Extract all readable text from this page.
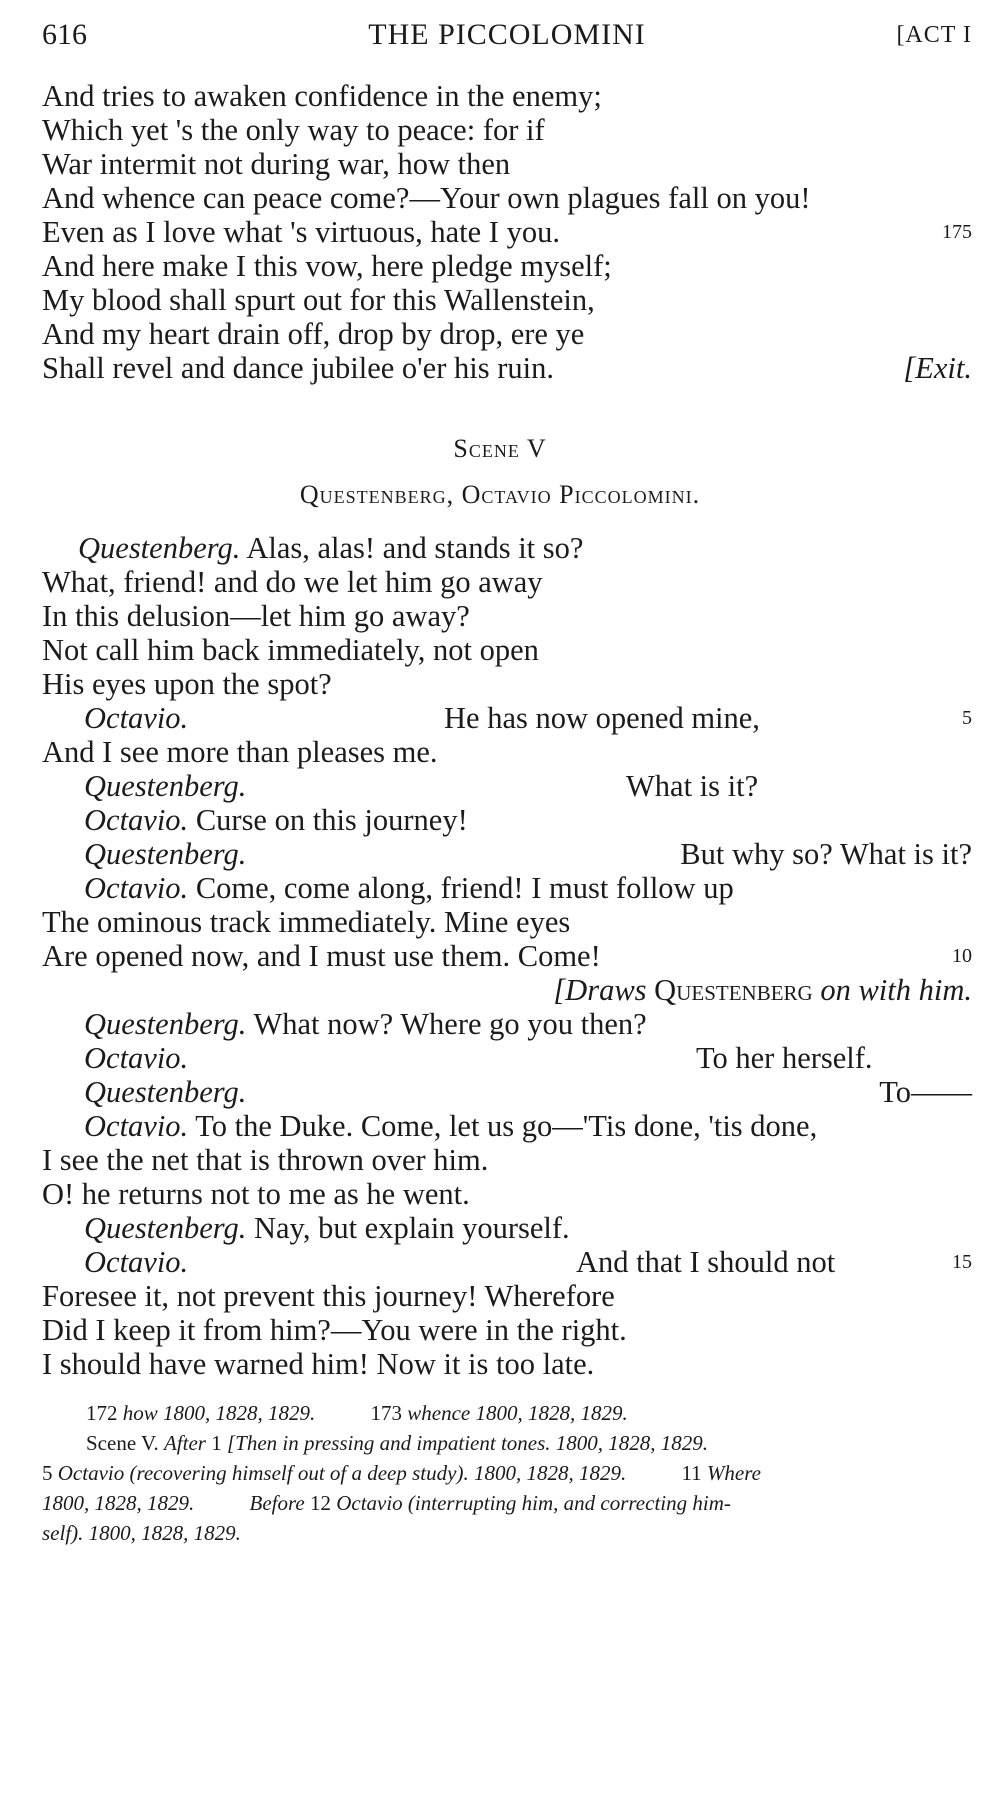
616	THE PICCOLOMINI	[ACT I
And tries to awaken confidence in the enemy;
Which yet 's the only way to peace: for if
War intermit not during war, how then
And whence can peace come?—Your own plagues fall on you!
Even as I love what 's virtuous, hate I you.	175
And here make I this vow, here pledge myself;
My blood shall spurt out for this Wallenstein,
And my heart drain off, drop by drop, ere ye
Shall revel and dance jubilee o'er his ruin.	[Exit.
Scene V
Questenberg, Octavio Piccolomini.
Questenberg. Alas, alas! and stands it so?
What, friend! and do we let him go away
In this delusion—let him go away?
Not call him back immediately, not open
His eyes upon the spot?
Octavio.	He has now opened mine,	5
And I see more than pleases me.
Questenberg.	What is it?
Octavio. Curse on this journey!
Questenberg.	But why so? What is it?
Octavio. Come, come along, friend! I must follow up
The ominous track immediately. Mine eyes
Are opened now, and I must use them. Come!	10
[Draws Questenberg on with him.
Questenberg. What now? Where go you then?
Octavio.	To her herself.
Questenberg.	To——
Octavio. To the Duke. Come, let us go—'Tis done, 'tis done,
I see the net that is thrown over him.
O! he returns not to me as he went.
Questenberg. Nay, but explain yourself.
Octavio.	And that I should not	15
Foresee it, not prevent this journey! Wherefore
Did I keep it from him?—You were in the right.
I should have warned him! Now it is too late.
172 how 1800, 1828, 1829.	173 whence 1800, 1828, 1829.
Scene V. After 1 [Then in pressing and impatient tones. 1800, 1828, 1829.
5 Octavio (recovering himself out of a deep study). 1800, 1828, 1829.	11 Where
1800, 1828, 1829.	Before 12 Octavio (interrupting him, and correcting him-
self). 1800, 1828, 1829.
